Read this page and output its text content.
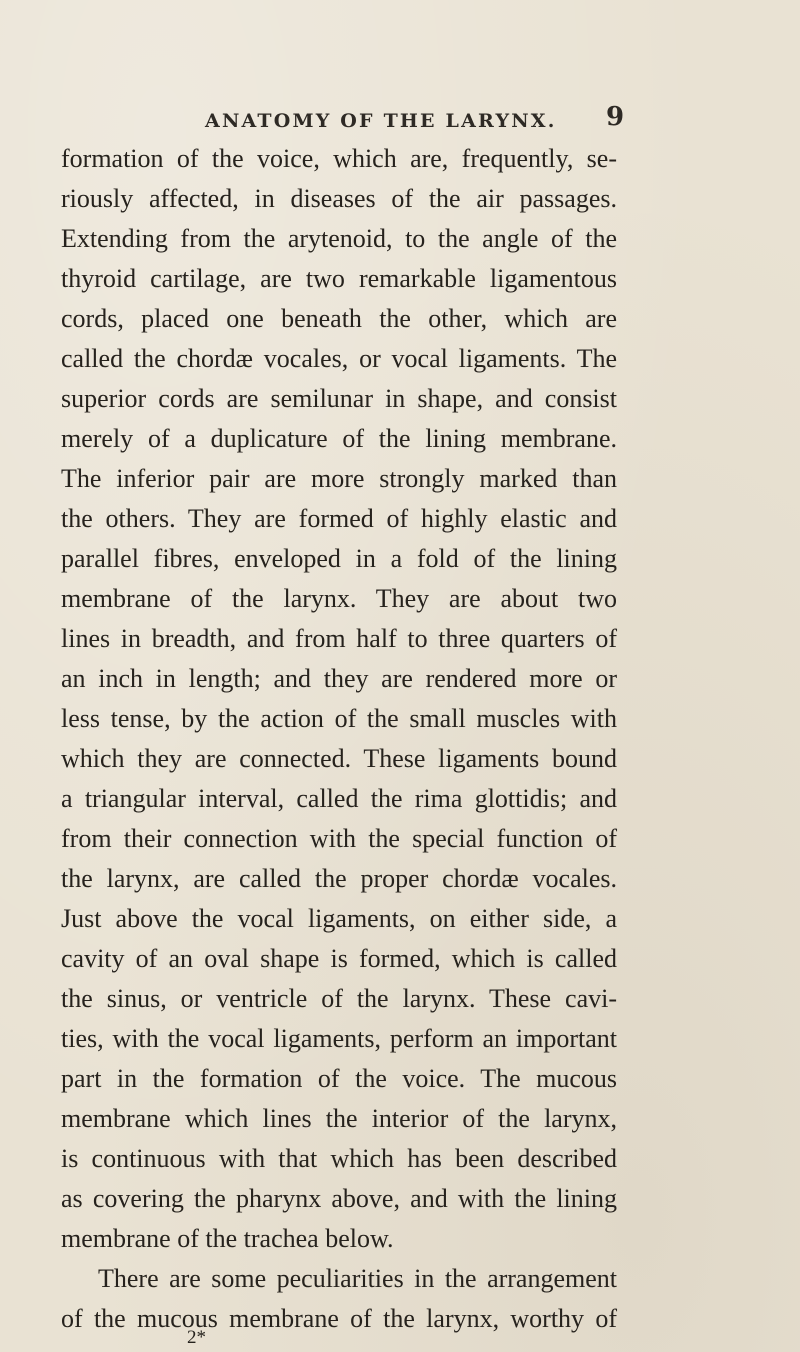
ANATOMY OF THE LARYNX.	9
formation of the voice, which are, frequently, se-
riously affected, in diseases of the air passages.
Extending from the arytenoid, to the angle of the
thyroid cartilage, are two remarkable ligamentous
cords, placed one beneath the other, which are
called the chordæ vocales, or vocal ligaments. The
superior cords are semilunar in shape, and consist
merely of a duplicature of the lining membrane.
The inferior pair are more strongly marked than
the others. They are formed of highly elastic and
parallel fibres, enveloped in a fold of the lining
membrane of the larynx. They are about two
lines in breadth, and from half to three quarters of
an inch in length; and they are rendered more or
less tense, by the action of the small muscles with
which they are connected. These ligaments bound
a triangular interval, called the rima glottidis; and
from their connection with the special function of
the larynx, are called the proper chordæ vocales.
Just above the vocal ligaments, on either side, a
cavity of an oval shape is formed, which is called
the sinus, or ventricle of the larynx. These cavi-
ties, with the vocal ligaments, perform an important
part in the formation of the voice. The mucous
membrane which lines the interior of the larynx,
is continuous with that which has been described
as covering the pharynx above, and with the lining
membrane of the trachea below.
There are some peculiarities in the arrangement
of the mucous membrane of the larynx, worthy of
2*
